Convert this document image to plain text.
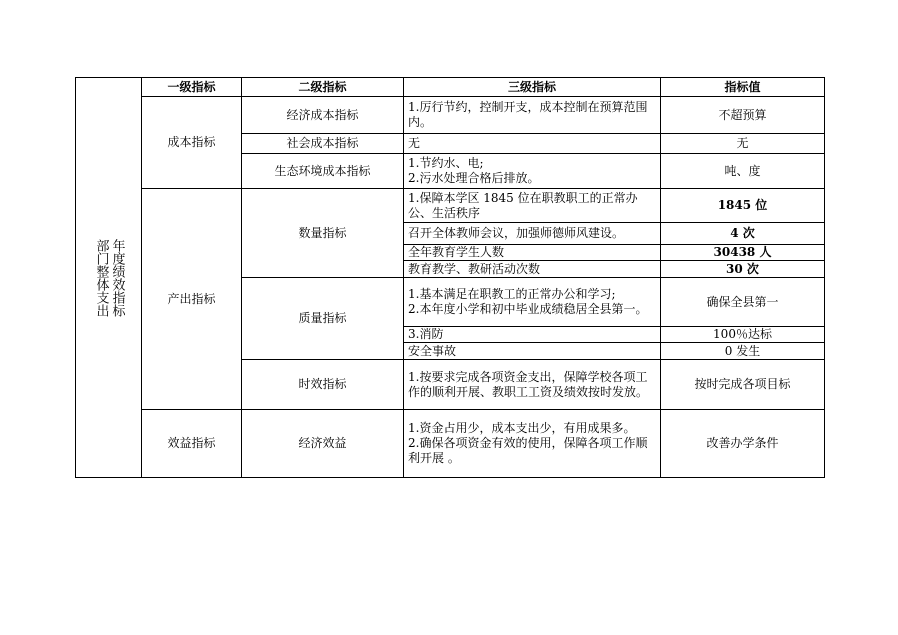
年度绩效指标
部门整体支出	一级指标	二级指标	三级指标	指标值
	成本指标	经济成本指标	1.厉行节约，控制开支，成本控制在预算范围
内。	不超预算
		社会成本指标	无	无
		生态环境成本指标	1.节约水、电;
2.污水处理合格后排放。	吨、度
	产出指标	数量指标	1.保障本学区 1845 位在职教职工的正常办
公、生活秩序	1845 位
			召开全体教师会议，加强师德师风建设。	4 次
			全年教育学生人数	30438 人
			教育教学、教研活动次数	30 次
		质量指标	1.基本满足在职教工的正常办公和学习;
2.本年度小学和初中毕业成绩稳居全县第一。	确保全县第一
			3.消防	100％达标
			安全事故	0 发生
		时效指标	1.按要求完成各项资金支出，保障学校各项工
作的顺利开展、教职工工资及绩效按时发放。	按时完成各项目标
	效益指标	经济效益	1.资金占用少，成本支出少，有用成果多。
2.确保各项资金有效的使用，保障各项工作顺
利开展 。	改善办学条件
